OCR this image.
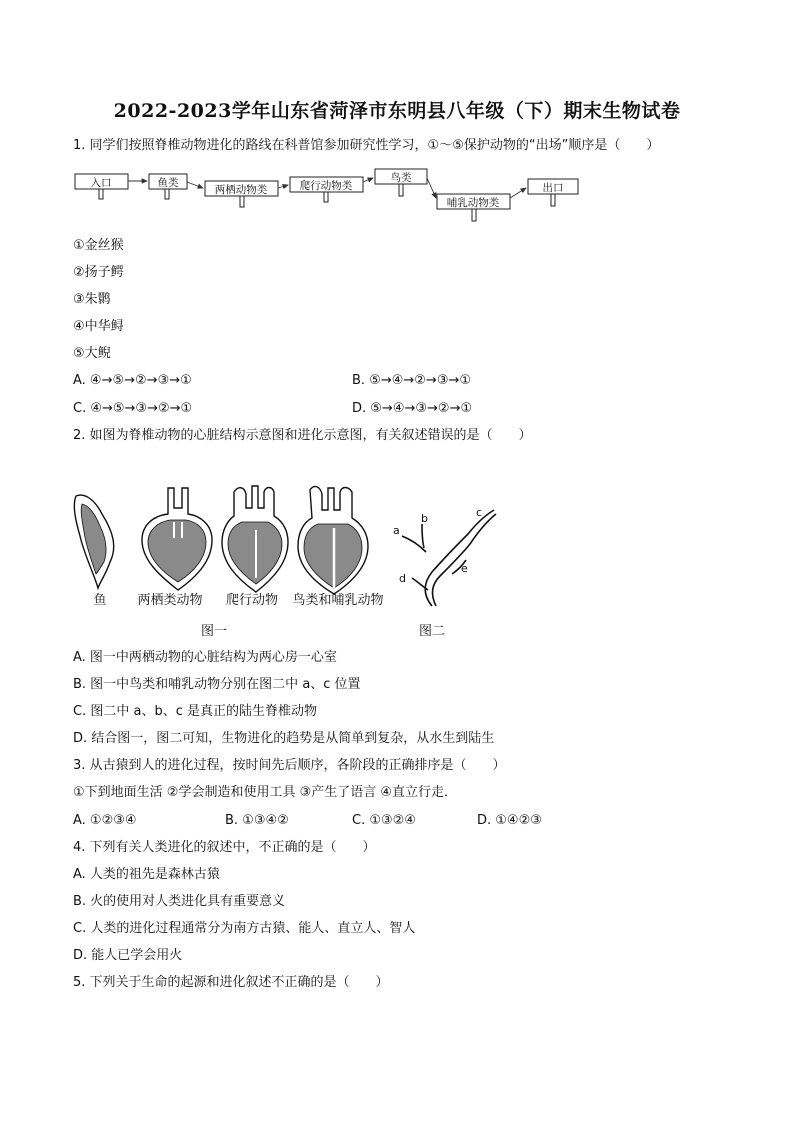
2022-2023学年山东省菏泽市东明县八年级（下）期末生物试卷
1. 同学们按照脊椎动物进化的路线在科普馆参加研究性学习，①～⑤保护动物的“出场”顺序是（　　）
入口	鱼类
两栖动物类	爬行动物类
鸟类
哺乳动物类
出口
①金丝猴
②扬子鳄
③朱鹮
④中华鲟
⑤大鲵
A. ④→⑤→②→③→①	B. ⑤→④→②→③→①
C. ④→⑤→③→②→①	D. ⑤→④→③→②→①
2. 如图为脊椎动物的心脏结构示意图和进化示意图，有关叙述错误的是（　　）
a
b	c
d
e
鱼 两栖类动物 爬行动物 鸟类和哺乳动物
图一	图二
A. 图一中两栖动物的心脏结构为两心房一心室
B. 图一中鸟类和哺乳动物分别在图二中 a、c 位置
C. 图二中 a、b、c 是真正的陆生脊椎动物
D. 结合图一，图二可知，生物进化的趋势是从简单到复杂，从水生到陆生
3. 从古猿到人的进化过程，按时间先后顺序，各阶段的正确排序是（　　）
①下到地面生活 ②学会制造和使用工具 ③产生了语言 ④直立行走．
A. ①②③④	B. ①③④②	C. ①③②④	D. ①④②③
4. 下列有关人类进化的叙述中，不正确的是（　　）
A. 人类的祖先是森林古猿
B. 火的使用对人类进化具有重要意义
C. 人类的进化过程通常分为南方古猿、能人、直立人、智人
D. 能人已学会用火
5. 下列关于生命的起源和进化叙述不正确的是（　　）
